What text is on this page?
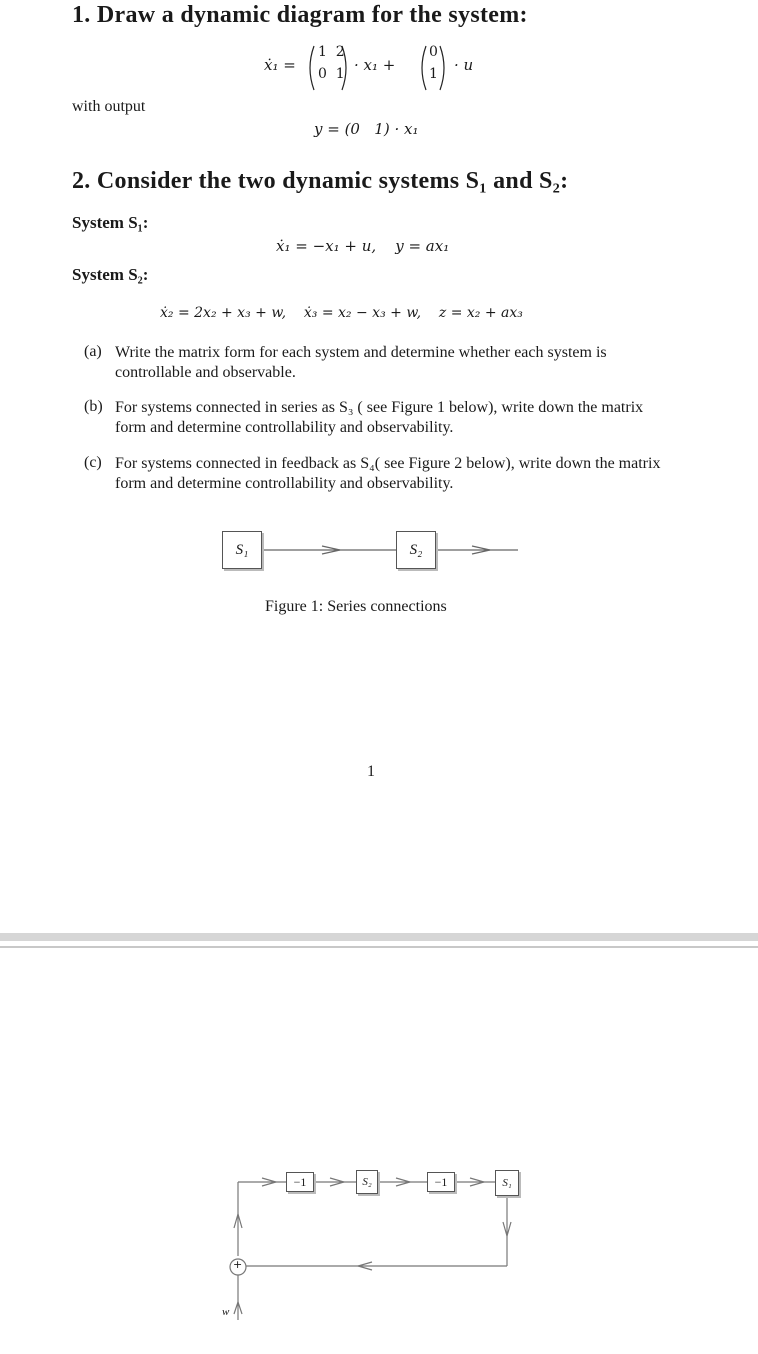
1. Draw a dynamic diagram for the system:
ẋ₁ =
1  2
0  1 · x₁ +
0
1 · u
with output
y = (0   1) · x₁
2. Consider the two dynamic systems S₁ and S₂:
System S₁:
ẋ₁ = −x₁ + u,    y = ax₁
System S₂:
ẋ₂ = 2x₂ + x₃ + w,    ẋ₃ = x₂ − x₃ + w,    z = x₂ + ax₃
(a) Write the matrix form for each system and determine whether each system is controllable and observable.
(b) For systems connected in series as S₃ ( see Figure 1 below), write down the matrix form and determine controllability and observability.
(c) For systems connected in feedback as S₄( see Figure 2 below), write down the matrix form and determine controllability and observability.
S₁	S₂
Figure 1: Series connections
1
+
w
−1	S₂	−1	S₁
